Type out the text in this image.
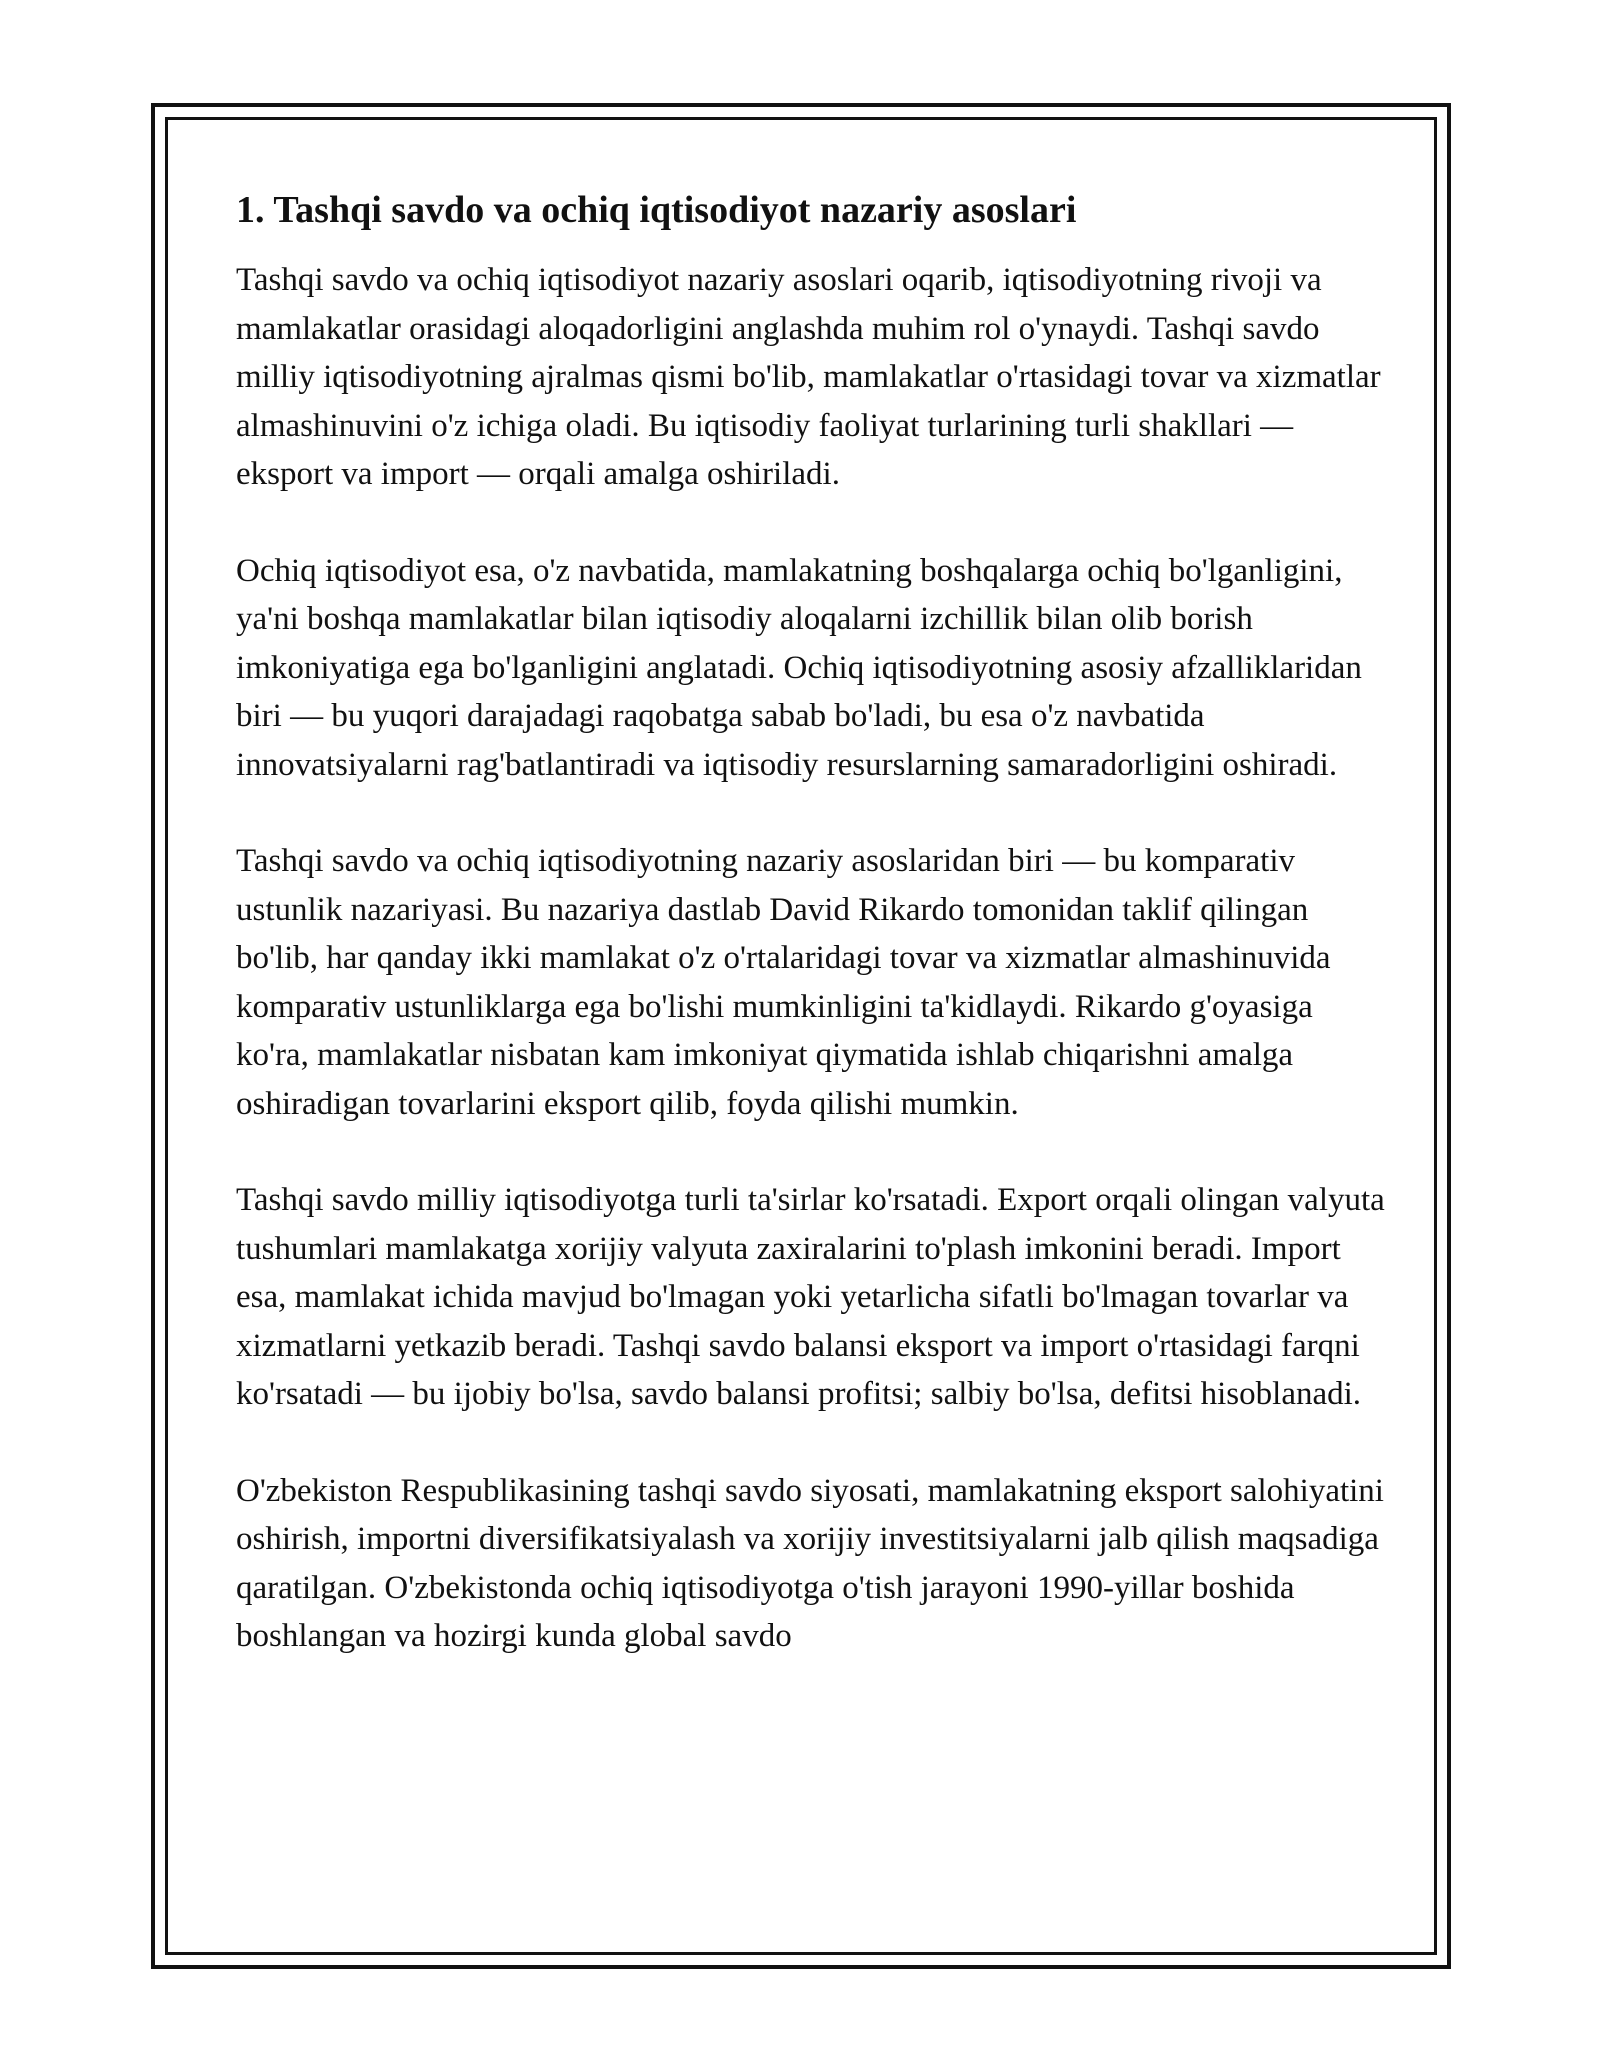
1. Tashqi savdo va ochiq iqtisodiyot nazariy asoslari

Tashqi savdo va ochiq iqtisodiyot nazariy asoslari oqarib, iqtisodiyotning rivoji va mamlakatlar orasidagi aloqadorligini anglashda muhim rol o'ynaydi. Tashqi savdo milliy iqtisodiyotning ajralmas qismi bo'lib, mamlakatlar o'rtasidagi tovar va xizmatlar almashinuvini o'z ichiga oladi. Bu iqtisodiy faoliyat turlarining turli shakllari — eksport va import — orqali amalga oshiriladi.

Ochiq iqtisodiyot esa, o'z navbatida, mamlakatning boshqalarga ochiq bo'lganligini, ya'ni boshqa mamlakatlar bilan iqtisodiy aloqalarni izchillik bilan olib borish imkoniyatiga ega bo'lganligini anglatadi. Ochiq iqtisodiyotning asosiy afzalliklaridan biri — bu yuqori darajadagi raqobatga sabab bo'ladi, bu esa o'z navbatida innovatsiyalarni rag'batlantiradi va iqtisodiy resurslarning samaradorligini oshiradi.

Tashqi savdo va ochiq iqtisodiyotning nazariy asoslaridan biri — bu komparativ ustunlik nazariyasi. Bu nazariya dastlab David Rikardo tomonidan taklif qilingan bo'lib, har qanday ikki mamlakat o'z o'rtalaridagi tovar va xizmatlar almashinuvida komparativ ustunliklarga ega bo'lishi mumkinligini ta'kidlaydi. Rikardo g'oyasiga ko'ra, mamlakatlar nisbatan kam imkoniyat qiymatida ishlab chiqarishni amalga oshiradigan tovarlarini eksport qilib, foyda qilishi mumkin.

Tashqi savdo milliy iqtisodiyotga turli ta'sirlar ko'rsatadi. Export orqali olingan valyuta tushumlari mamlakatga xorijiy valyuta zaxiralarini to'plash imkonini beradi. Import esa, mamlakat ichida mavjud bo'lmagan yoki yetarlicha sifatli bo'lmagan tovarlar va xizmatlarni yetkazib beradi. Tashqi savdo balansi eksport va import o'rtasidagi farqni ko'rsatadi — bu ijobiy bo'lsa, savdo balansi profitsi; salbiy bo'lsa, defitsi hisoblanadi.

O'zbekiston Respublikasining tashqi savdo siyosati, mamlakatning eksport salohiyatini oshirish, importni diversifikatsiyalash va xorijiy investitsiyalarni jalb qilish maqsadiga qaratilgan. O'zbekistonda ochiq iqtisodiyotga o'tish jarayoni 1990-yillar boshida boshlangan va hozirgi kunda global savdo
